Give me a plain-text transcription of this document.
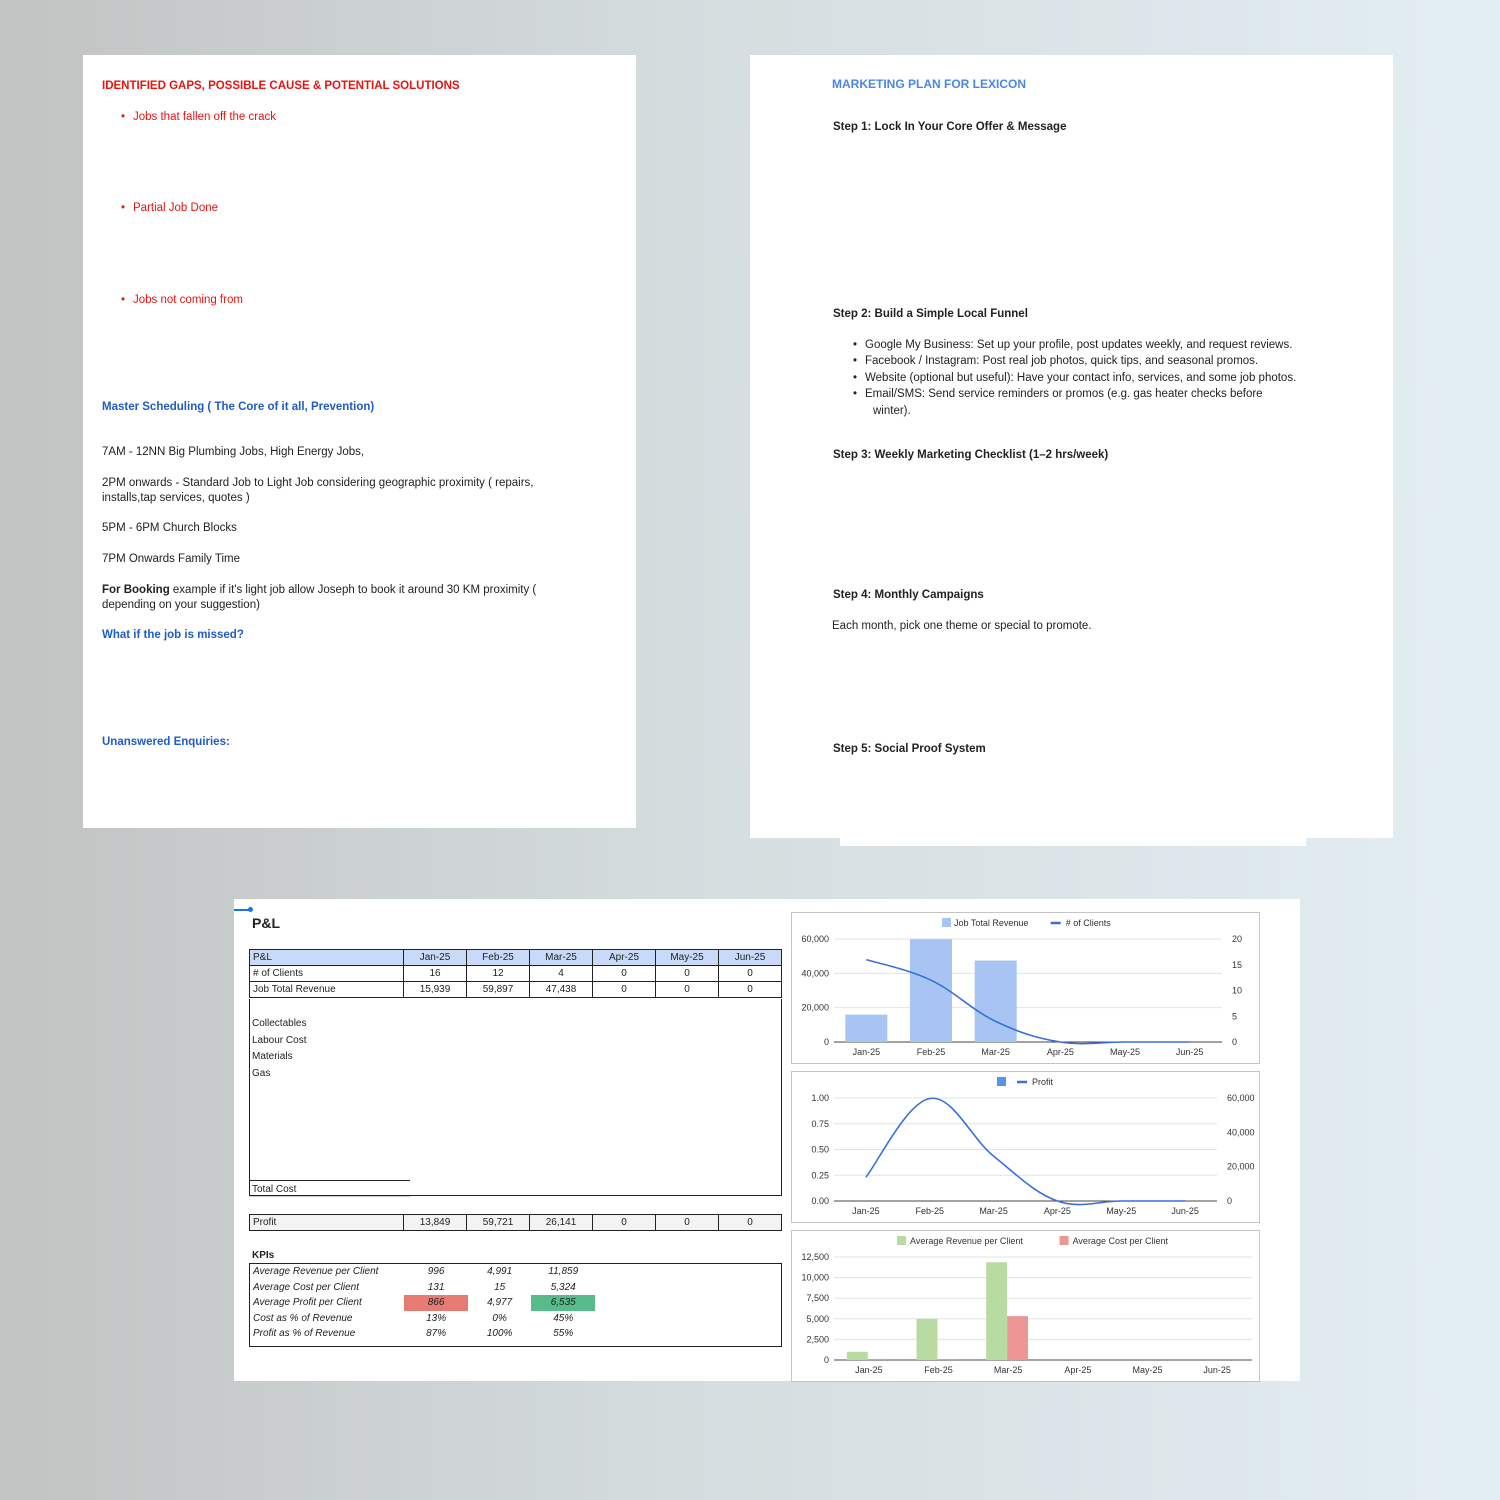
IDENTIFIED GAPS, POSSIBLE CAUSE & POTENTIAL SOLUTIONS
• Jobs that fallen off the crack
• Partial Job Done
• Jobs not coming from
Master Scheduling ( The Core of it all, Prevention)
7AM - 12NN Big Plumbing Jobs, High Energy Jobs,
2PM onwards - Standard Job to Light Job considering geographic proximity ( repairs,
installs,tap services, quotes )
5PM - 6PM Church Blocks
7PM Onwards Family Time
For Booking example if it's light job allow Joseph to book it around 30 KM proximity (
depending on your suggestion)
What if the job is missed?
Unanswered Enquiries:
MARKETING PLAN FOR LEXICON
Step 1: Lock In Your Core Offer & Message
Step 2: Build a Simple Local Funnel
• Google My Business: Set up your profile, post updates weekly, and request reviews.
• Facebook / Instagram: Post real job photos, quick tips, and seasonal promos.
• Website (optional but useful): Have your contact info, services, and some job photos.
• Email/SMS: Send service reminders or promos (e.g. gas heater checks before
winter).
Step 3: Weekly Marketing Checklist (1–2 hrs/week)
Step 4: Monthly Campaigns
Each month, pick one theme or special to promote.
Step 5: Social Proof System
P&L
P&L	Jan-25	Feb-25	Mar-25	Apr-25	May-25	Jun-25
# of Clients	16	12	4	0	0	0
Job Total Revenue	15,939	59,897	47,438	0	0	0
Collectables
Labour Cost
Materials
Gas
Total Cost
Profit	13,849	59,721	26,141	0	0	0
KPIs
Average Revenue per Client	996	4,991	11,859
Average Cost per Client	131	15	5,324
Average Profit per Client	866	4,977	6,535
Cost as % of Revenue	13%	0%	45%
Profit as % of Revenue	87%	100%	55%
0
20,000
40,000
60,000
0
5
10
15
20
Jan-25	Feb-25	Mar-25	Apr-25	May-25	Jun-25
Job Total Revenue	# of Clients
0.00
0.25
0.50
0.75
1.00
0
20,000
40,000
60,000
Jan-25	Feb-25	Mar-25	Apr-25	May-25	Jun-25
Profit
0
2,500
5,000
7,500
10,000
12,500
Jan-25	Feb-25	Mar-25	Apr-25	May-25	Jun-25
Average Revenue per Client	Average Cost per Client
